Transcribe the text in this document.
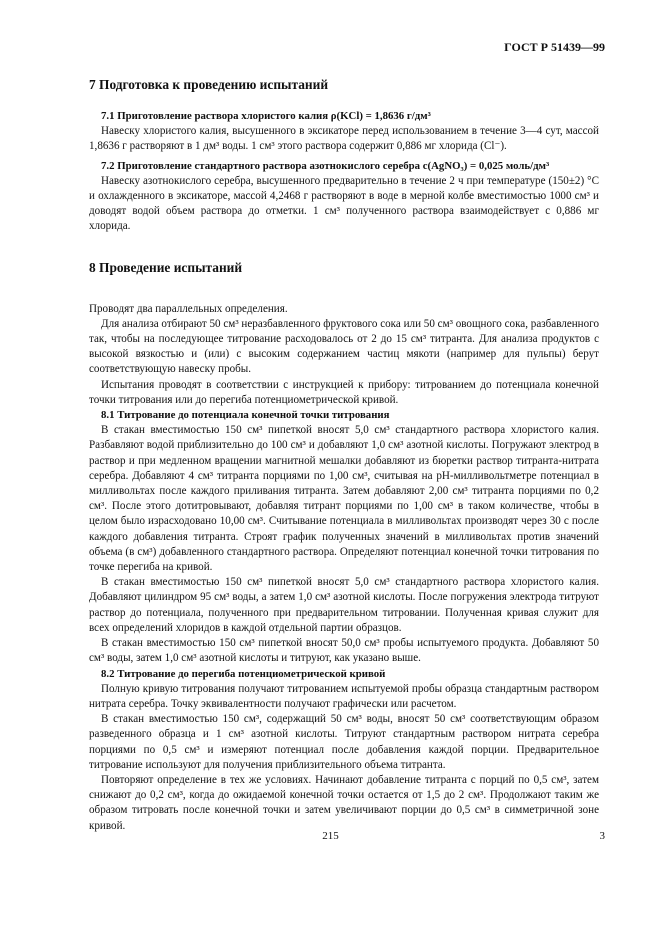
ГОСТ Р 51439—99
7 Подготовка к проведению испытаний

7.1 Приготовление раствора хлористого калия ρ(KCl) = 1,8636 г/дм³

Навеску хлористого калия, высушенного в эксикаторе перед использованием в течение 3—4 сут, массой 1,8636 г растворяют в 1 дм³ воды. 1 см³ этого раствора содержит 0,886 мг хлорида (Cl⁻).

7.2 Приготовление стандартного раствора азотнокислого серебра c(AgNO₃) = 0,025 моль/дм³

Навеску азотнокислого серебра, высушенного предварительно в течение 2 ч при температуре (150±2) °С и охлажденного в эксикаторе, массой 4,2468 г растворяют в воде в мерной колбе вместимостью 1000 см³ и доводят водой объем раствора до отметки. 1 см³ полученного раствора взаимодействует с 0,886 мг хлорида.

8 Проведение испытаний

Проводят два параллельных определения.

Для анализа отбирают 50 см³ неразбавленного фруктового сока или 50 см³ овощного сока, разбавленного так, чтобы на последующее титрование расходовалось от 2 до 15 см³ титранта. Для анализа продуктов с высокой вязкостью и (или) с высоким содержанием частиц мякоти (например для пульпы) берут соответствующую навеску пробы.

Испытания проводят в соответствии с инструкцией к прибору: титрованием до потенциала конечной точки титрования или до перегиба потенциометрической кривой.

8.1 Титрование до потенциала конечной точки титрования

В стакан вместимостью 150 см³ пипеткой вносят 5,0 см³ стандартного раствора хлористого калия. Разбавляют водой приблизительно до 100 см³ и добавляют 1,0 см³ азотной кислоты. Погружают электрод в раствор и при медленном вращении магнитной мешалки добавляют из бюретки раствор титранта-нитрата серебра. Добавляют 4 см³ титранта порциями по 1,00 см³, считывая на рН-милливольтметре потенциал в милливольтах после каждого приливания титранта. Затем добавляют 2,00 см³ титранта порциями по 0,2 см³. После этого дотитровывают, добавляя титрант порциями по 1,00 см³ в таком количестве, чтобы в целом было израсходовано 10,00 см³. Считывание потенциала в милливольтах производят через 30 с после каждого добавления титранта. Строят график полученных значений в милливольтах против значений объема (в см³) добавленного стандартного раствора. Определяют потенциал конечной точки титрования по точке перегиба на кривой.

В стакан вместимостью 150 см³ пипеткой вносят 5,0 см³ стандартного раствора хлористого калия. Добавляют цилиндром 95 см³ воды, а затем 1,0 см³ азотной кислоты. После погружения электрода титруют раствор до потенциала, полученного при предварительном титровании. Полученная кривая служит для всех определений хлоридов в каждой отдельной партии образцов.

В стакан вместимостью 150 см³ пипеткой вносят 50,0 см³ пробы испытуемого продукта. Добавляют 50 см³ воды, затем 1,0 см³ азотной кислоты и титруют, как указано выше.

8.2 Титрование до перегиба потенциометрической кривой

Полную кривую титрования получают титрованием испытуемой пробы образца стандартным раствором нитрата серебра. Точку эквивалентности получают графически или расчетом.

В стакан вместимостью 150 см³, содержащий 50 см³ воды, вносят 50 см³ соответствующим образом разведенного образца и 1 см³ азотной кислоты. Титруют стандартным раствором нитрата серебра порциями по 0,5 см³ и измеряют потенциал после добавления каждой порции. Предварительное титрование используют для получения приблизительного объема титранта.

Повторяют определение в тех же условиях. Начинают добавление титранта с порций по 0,5 см³, затем снижают до 0,2 см³, когда до ожидаемой конечной точки остается от 1,5 до 2 см³. Продолжают таким же образом титровать после конечной точки и затем увеличивают порции до 0,5 см³ в симметричной зоне кривой.

215	3
